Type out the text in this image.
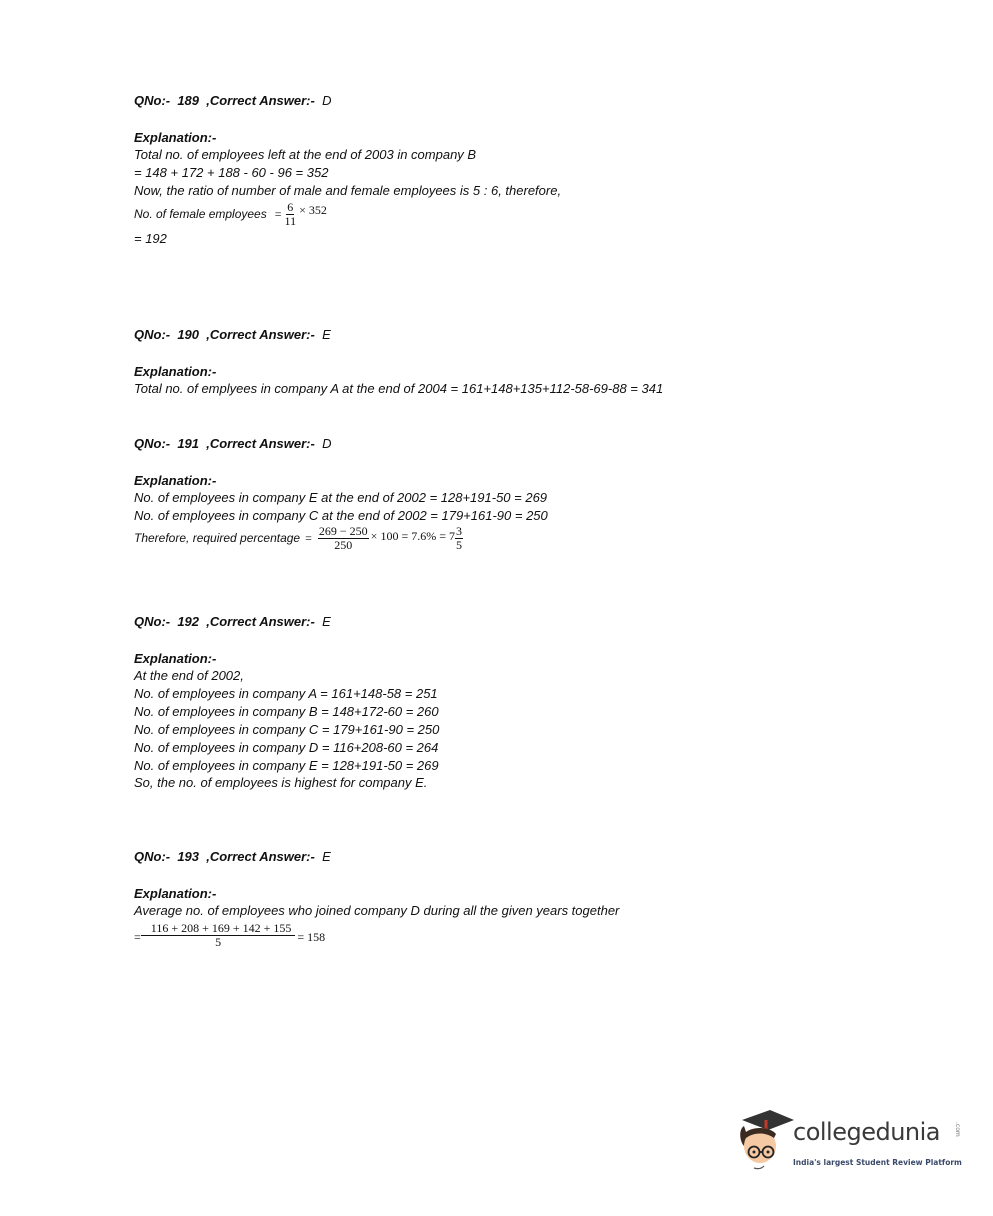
QNo:-  189  ,Correct Answer:- D
Explanation:-
Total no. of employees left at the end of 2003 in company B
= 148 + 172 + 188 - 60 - 96 = 352
Now, the ratio of number of male and female employees is 5 : 6, therefore,
No. of female employees = $\frac{6}{11} \times 352$
= 192
QNo:-  190  ,Correct Answer:- E
Explanation:-
Total no. of emplyees in company A at the end of 2004 = 161+148+135+112-58-69-88 = 341
QNo:-  191  ,Correct Answer:- D
Explanation:-
No. of employees in company E at the end of 2002 = 128+191-50 = 269
No. of employees in company C at the end of 2002 = 179+161-90 = 250
Therefore, required percentage = $\frac{269 - 250}{250} \times 100 = 7.6\% = 7 \frac{3}{5}$
QNo:-  192  ,Correct Answer:- E
Explanation:-
At the end of 2002,
No. of employees in company A = 161+148-58 = 251
No. of employees in company B = 148+172-60 = 260
No. of employees in company C = 179+161-90 = 250
No. of employees in company D = 116+208-60 = 264
No. of employees in company E = 128+191-50 = 269
So, the no. of employees is highest for company E.
QNo:-  193  ,Correct Answer:- E
Explanation:-
Average no. of employees who joined company D during all the given years together
= $\frac{116 + 208 + 169 + 142 + 155}{5} = 158$
collegedunia .com
India's largest Student Review Platform
